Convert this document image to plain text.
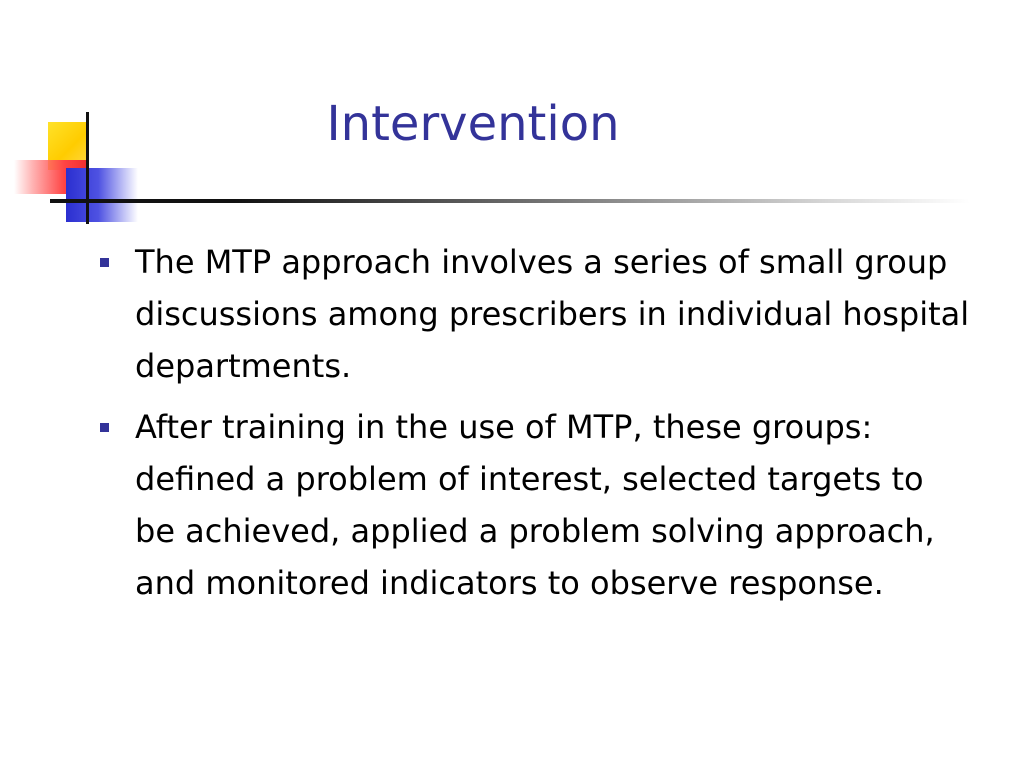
Intervention
The MTP approach involves a series of small group discussions among prescribers in individual hospital departments.
After training in the use of MTP, these groups: defined a problem of interest, selected targets to be achieved, applied a problem solving approach, and monitored indicators to observe response.
